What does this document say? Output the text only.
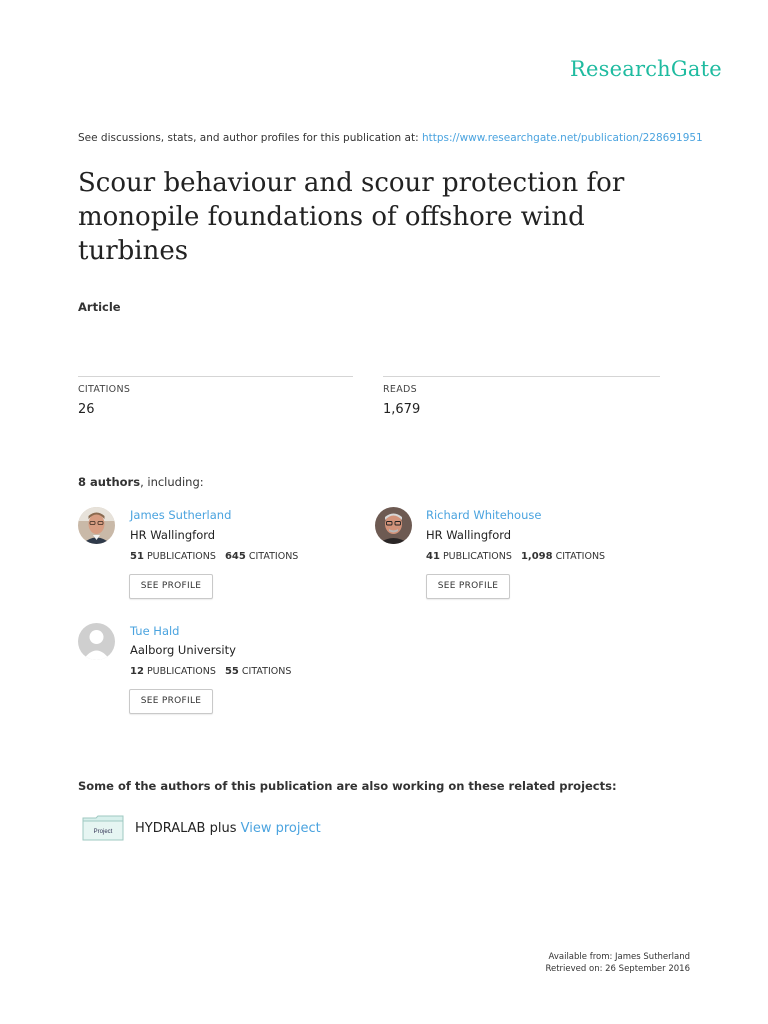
ResearchGate
See discussions, stats, and author profiles for this publication at: https://www.researchgate.net/publication/228691951
Scour behaviour and scour protection for monopile foundations of offshore wind turbines
Article
CITATIONS
26
READS
1,679
8 authors, including:
James Sutherland
HR Wallingford
51 PUBLICATIONS 645 CITATIONS
SEE PROFILE
Richard Whitehouse
HR Wallingford
41 PUBLICATIONS 1,098 CITATIONS
SEE PROFILE
Tue Hald
Aalborg University
12 PUBLICATIONS 55 CITATIONS
SEE PROFILE
Some of the authors of this publication are also working on these related projects:
Project HYDRALAB plus View project
Available from: James Sutherland
Retrieved on: 26 September 2016
